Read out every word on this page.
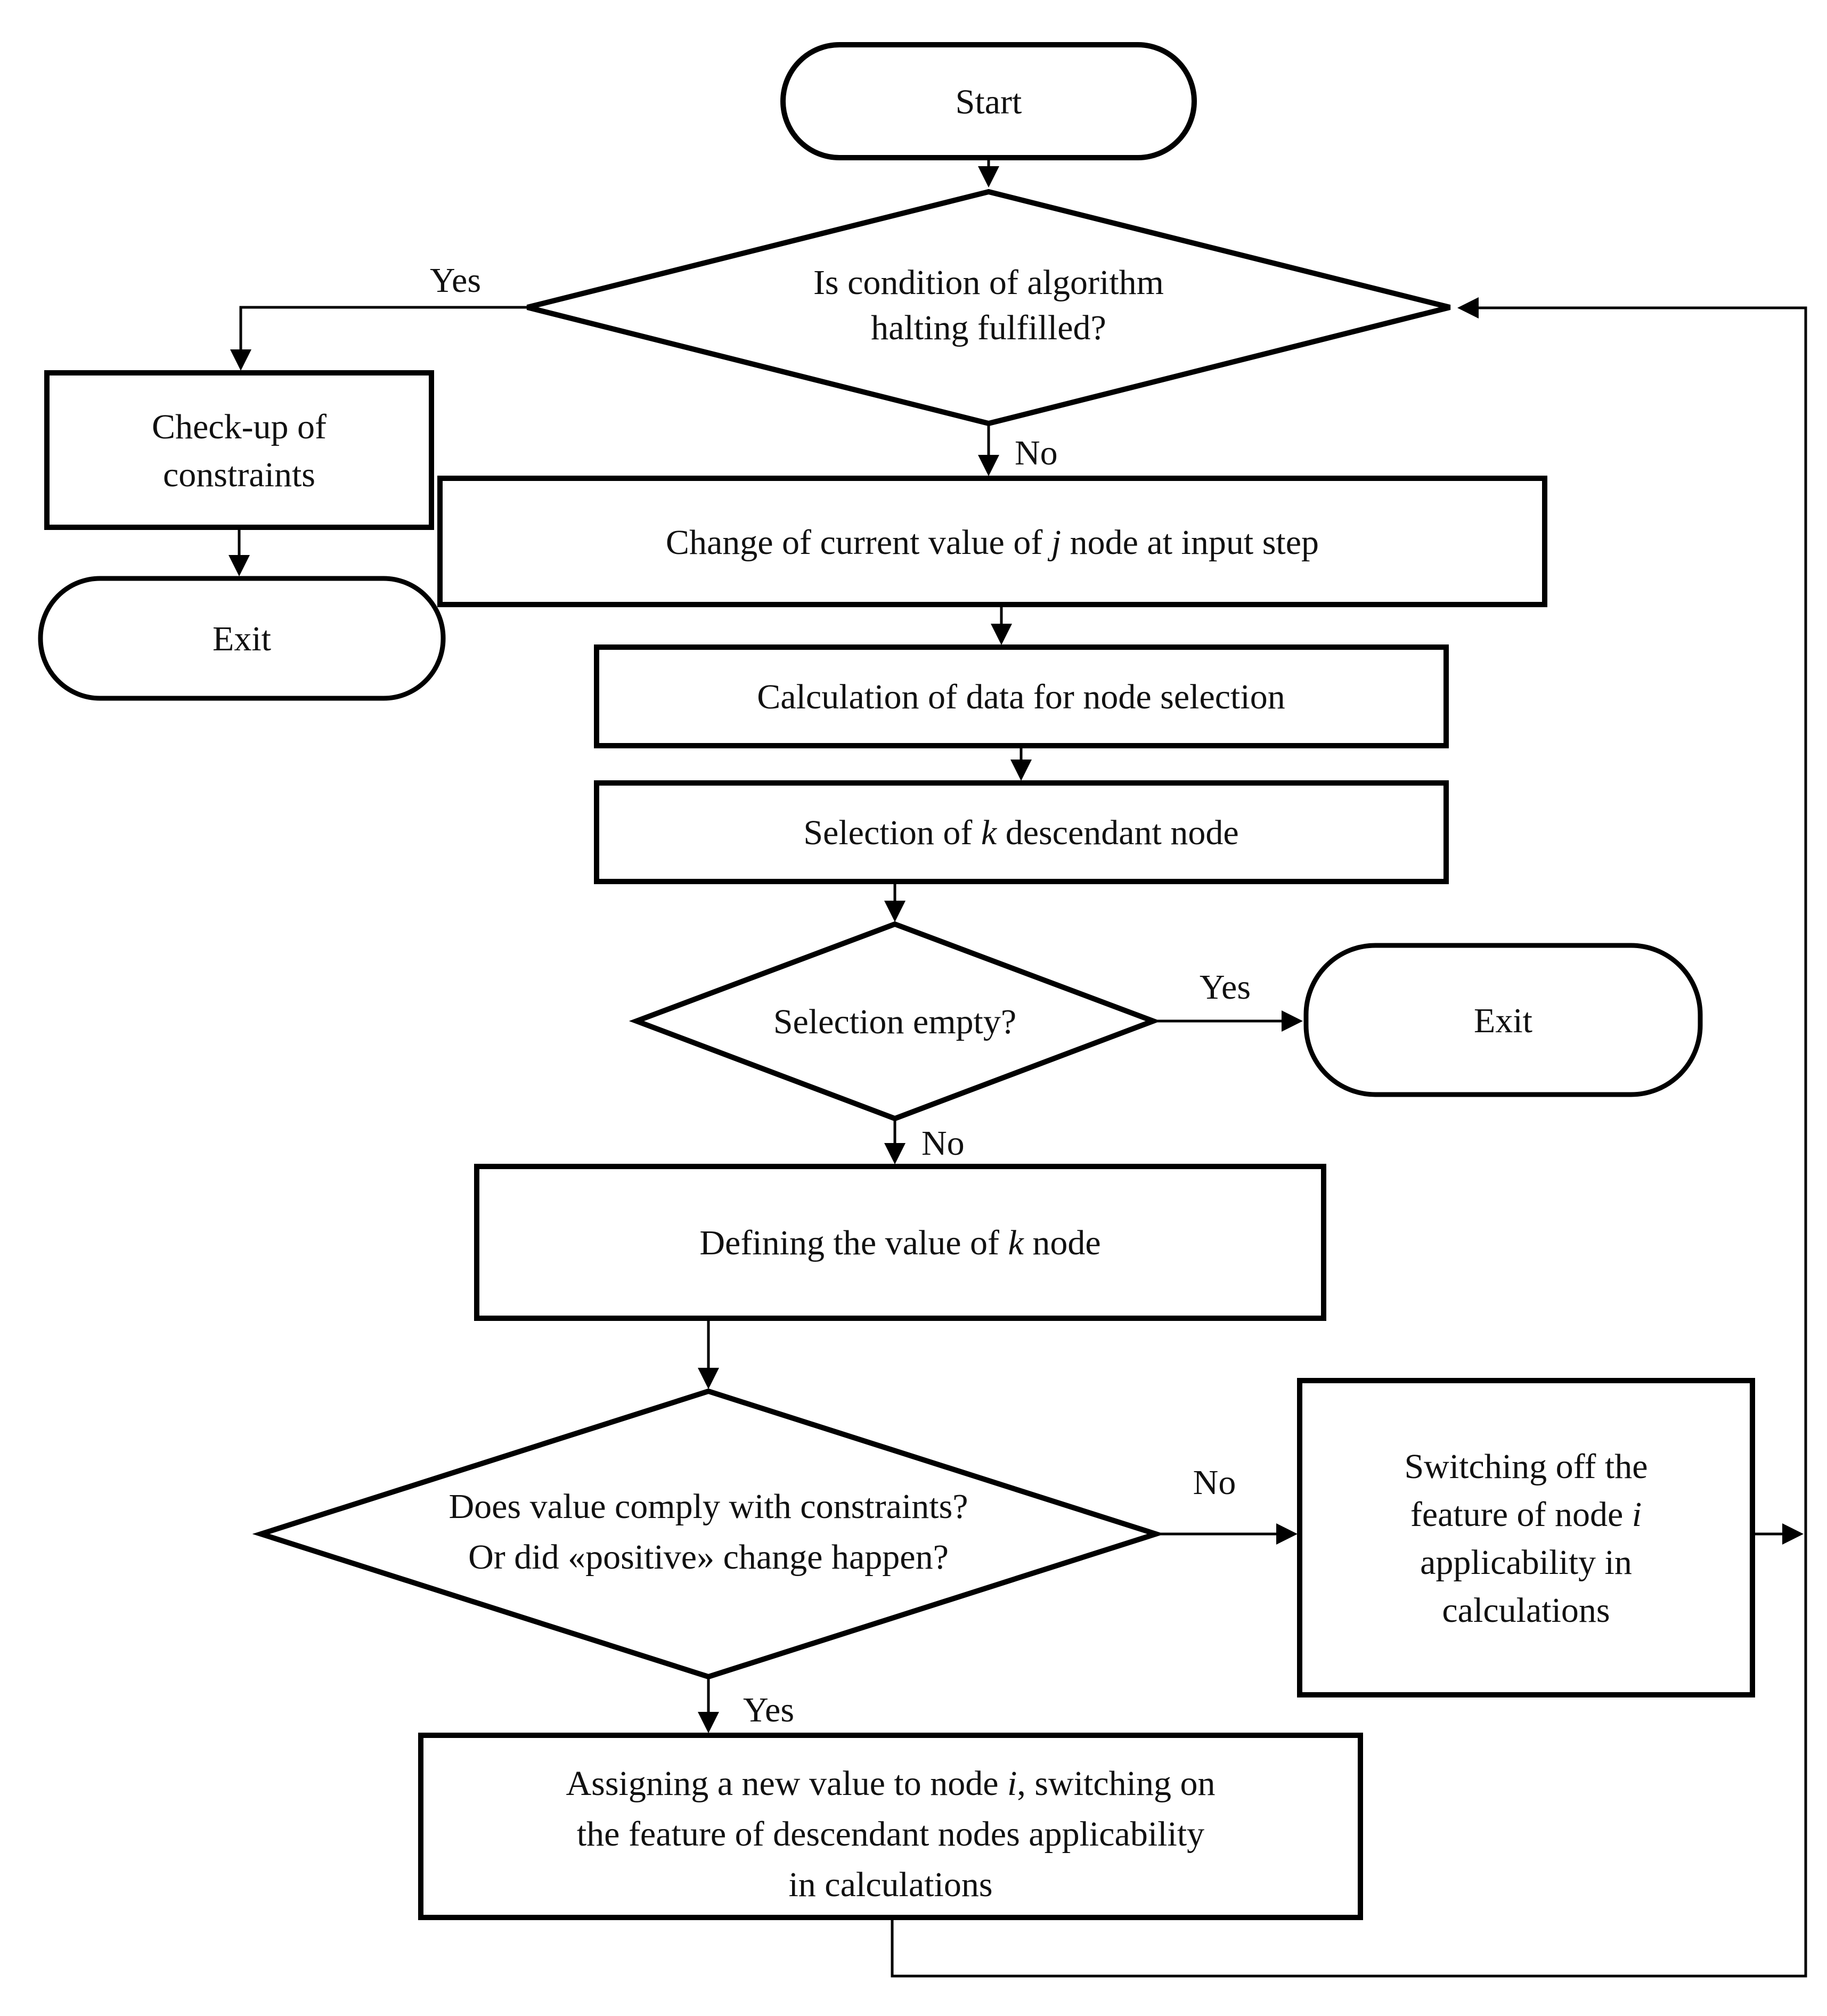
Start
Is condition of algorithm
halting fulfilled?
Check-up of
constraints
Exit
Change of current value of j node at input step
Calculation of data for node selection
Selection of k descendant node
Selection empty?	Exit
Defining the value of k node
Does value comply with constraints?
Or did «positive» change happen?
Switching off the
feature of node i
applicability in
calculations
Assigning a new value to node i, switching on
the feature of descendant nodes applicability
in calculations
Yes
No
Yes
No
No
Yes
